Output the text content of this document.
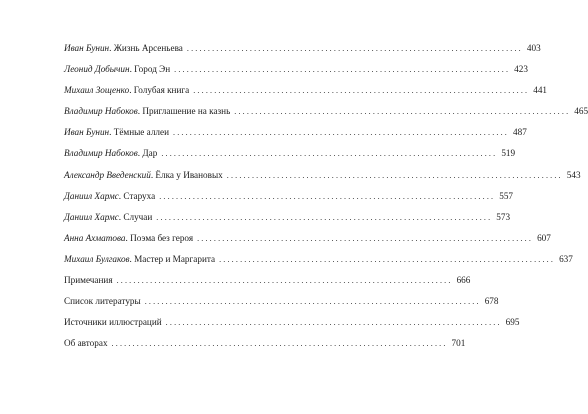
Иван Бунин. Жизнь Арсеньева ................................................................................ 403
Леонид Добычин. Город Эн ................................................................................ 423
Михаил Зощенко. Голубая книга ................................................................................ 441
Владимир Набоков. Приглашение на казнь ................................................................................ 465
Иван Бунин. Тёмные аллеи ................................................................................ 487
Владимир Набоков. Дар ................................................................................ 519
Александр Введенский. Ёлка у Ивановых ................................................................................ 543
Даниил Хармс. Старуха ................................................................................ 557
Даниил Хармс. Случаи ................................................................................ 573
Анна Ахматова. Поэма без героя ................................................................................ 607
Михаил Булгаков. Мастер и Маргарита ................................................................................ 637
Примечания ................................................................................ 666
Список литературы ................................................................................ 678
Источники иллюстраций ................................................................................ 695
Об авторах ................................................................................ 701
